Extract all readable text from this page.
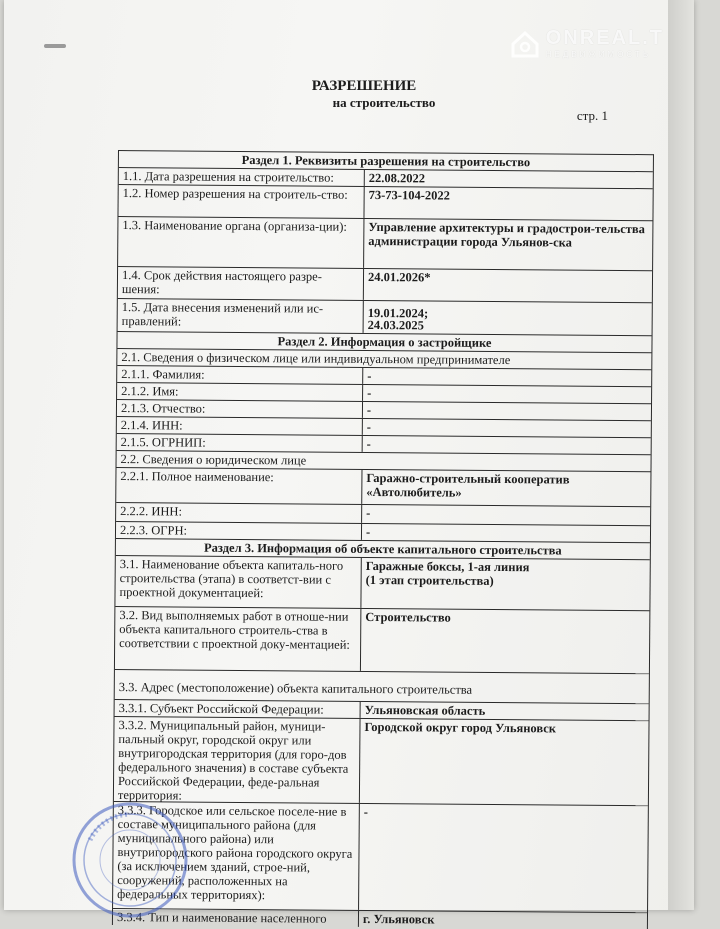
ONREAL.T
НЕДВИЖИМОСТЬ
РАЗРЕШЕНИЕ
на строительство
стр. 1
Раздел 1. Реквизиты разрешения на строительство
1.1. Дата разрешения на строительство:	22.08.2022
1.2. Номер разрешения на строитель-ство:	73-73-104-2022
1.3. Наименование органа (организа-ции):	Управление архитектуры и градострои-тельства администрации города Ульянов-ска
1.4. Срок действия настоящего разре-шения:
24.01.2026*
1.5. Дата внесения изменений или ис-правлений:
19.01.2024;
24.03.2025
Раздел 2. Информация о застройщике
2.1. Сведения о физическом лице или индивидуальном предпринимателе
2.1.1. Фамилия:	-
2.1.2. Имя:	-
2.1.3. Отчество:	-
2.1.4. ИНН:	-
2.1.5. ОГРНИП:	-
2.2. Сведения о юридическом лице
2.2.1. Полное наименование:	Гаражно-строительный кооператив «Автолюбитель»
2.2.2. ИНН:	-
2.2.3. ОГРН:	-
Раздел 3. Информация об объекте капитального строительства
3.1. Наименование объекта капиталь-ного строительства (этапа) в соответст-вии с проектной документацией:
Гаражные боксы, 1-ая линия
(1 этап строительства)
3.2. Вид выполняемых работ в отноше-нии объекта капитального строитель-ства в соответствии с проектной доку-ментацией:
Строительство
3.3. Адрес (местоположение) объекта капитального строительства
3.3.1. Субъект Российской Федерации:	Ульяновская область
3.3.2. Муниципальный район, муници-пальный округ, городской округ или внутригородская территория (для горо-дов федерального значения) в составе субъекта Российской Федерации, феде-ральная территория:
Городской округ город Ульяновск
3.3.3. Городское или сельское поселе-ние в составе муниципального района (для муниципального района) или внутригородского района городского округа (за исключением зданий, строе-ний, сооружений, расположенных на федеральных территориях):
-
3.3.4. Тип и наименование населенного	г. Ульяновск
